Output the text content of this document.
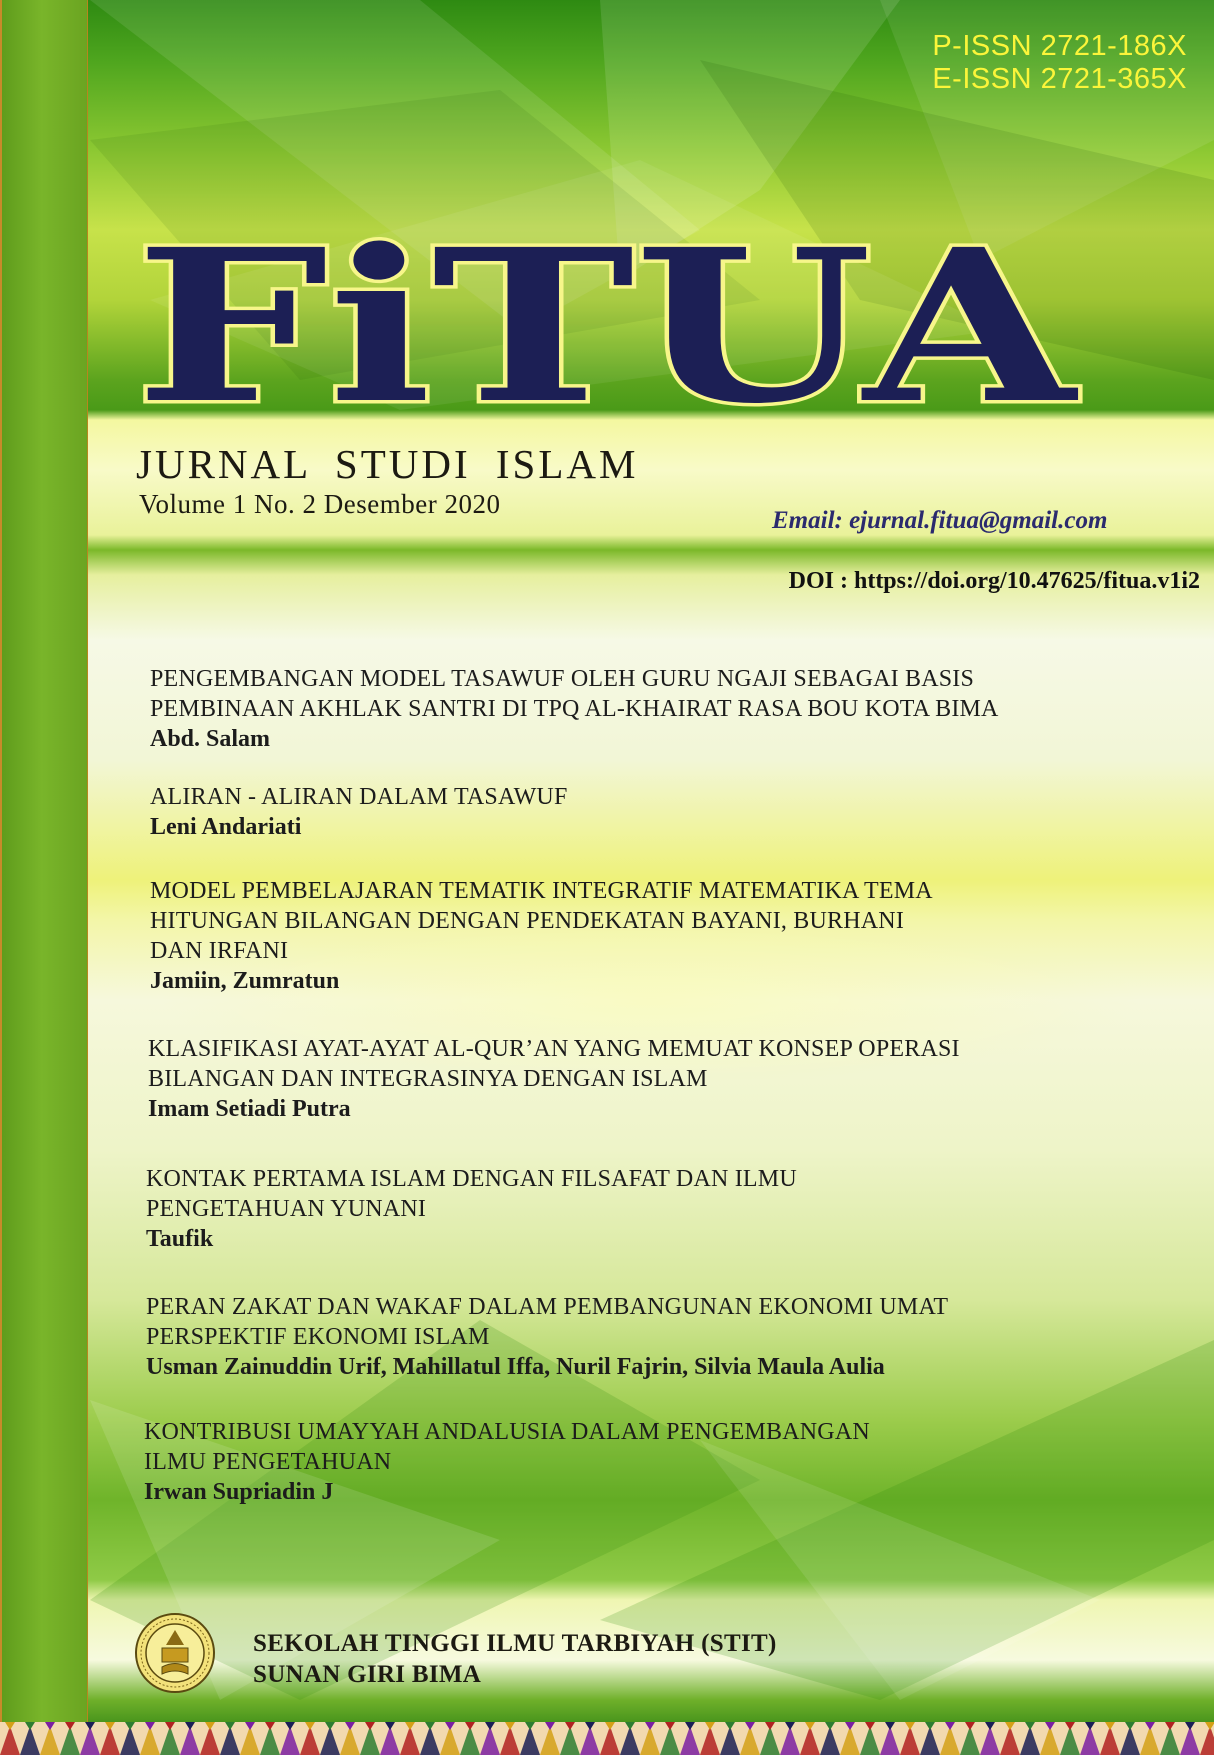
P-ISSN 2721-186X
E-ISSN 2721-365X
FiTUA
JURNAL STUDI ISLAM
Volume 1 No. 2 Desember 2020
Email: ejurnal.fitua@gmail.com
DOI : https://doi.org/10.47625/fitua.v1i2
PENGEMBANGAN MODEL TASAWUF OLEH GURU NGAJI SEBAGAI BASIS
PEMBINAAN AKHLAK SANTRI DI TPQ AL-KHAIRAT RASA BOU KOTA BIMA
Abd. Salam
ALIRAN - ALIRAN DALAM TASAWUF
Leni Andariati
MODEL PEMBELAJARAN TEMATIK INTEGRATIF MATEMATIKA TEMA
HITUNGAN BILANGAN DENGAN PENDEKATAN BAYANI, BURHANI
DAN IRFANI
Jamiin, Zumratun
KLASIFIKASI AYAT-AYAT AL-QUR’AN YANG MEMUAT KONSEP OPERASI
BILANGAN DAN INTEGRASINYA DENGAN ISLAM
Imam Setiadi Putra
KONTAK PERTAMA ISLAM DENGAN FILSAFAT DAN ILMU
PENGETAHUAN YUNANI
Taufik
PERAN ZAKAT DAN WAKAF DALAM PEMBANGUNAN EKONOMI UMAT
PERSPEKTIF EKONOMI ISLAM
Usman Zainuddin Urif, Mahillatul Iffa, Nuril Fajrin, Silvia Maula Aulia
KONTRIBUSI UMAYYAH ANDALUSIA DALAM PENGEMBANGAN
ILMU PENGETAHUAN
Irwan Supriadin J
SEKOLAH TINGGI ILMU TARBIYAH (STIT)
SUNAN GIRI BIMA
